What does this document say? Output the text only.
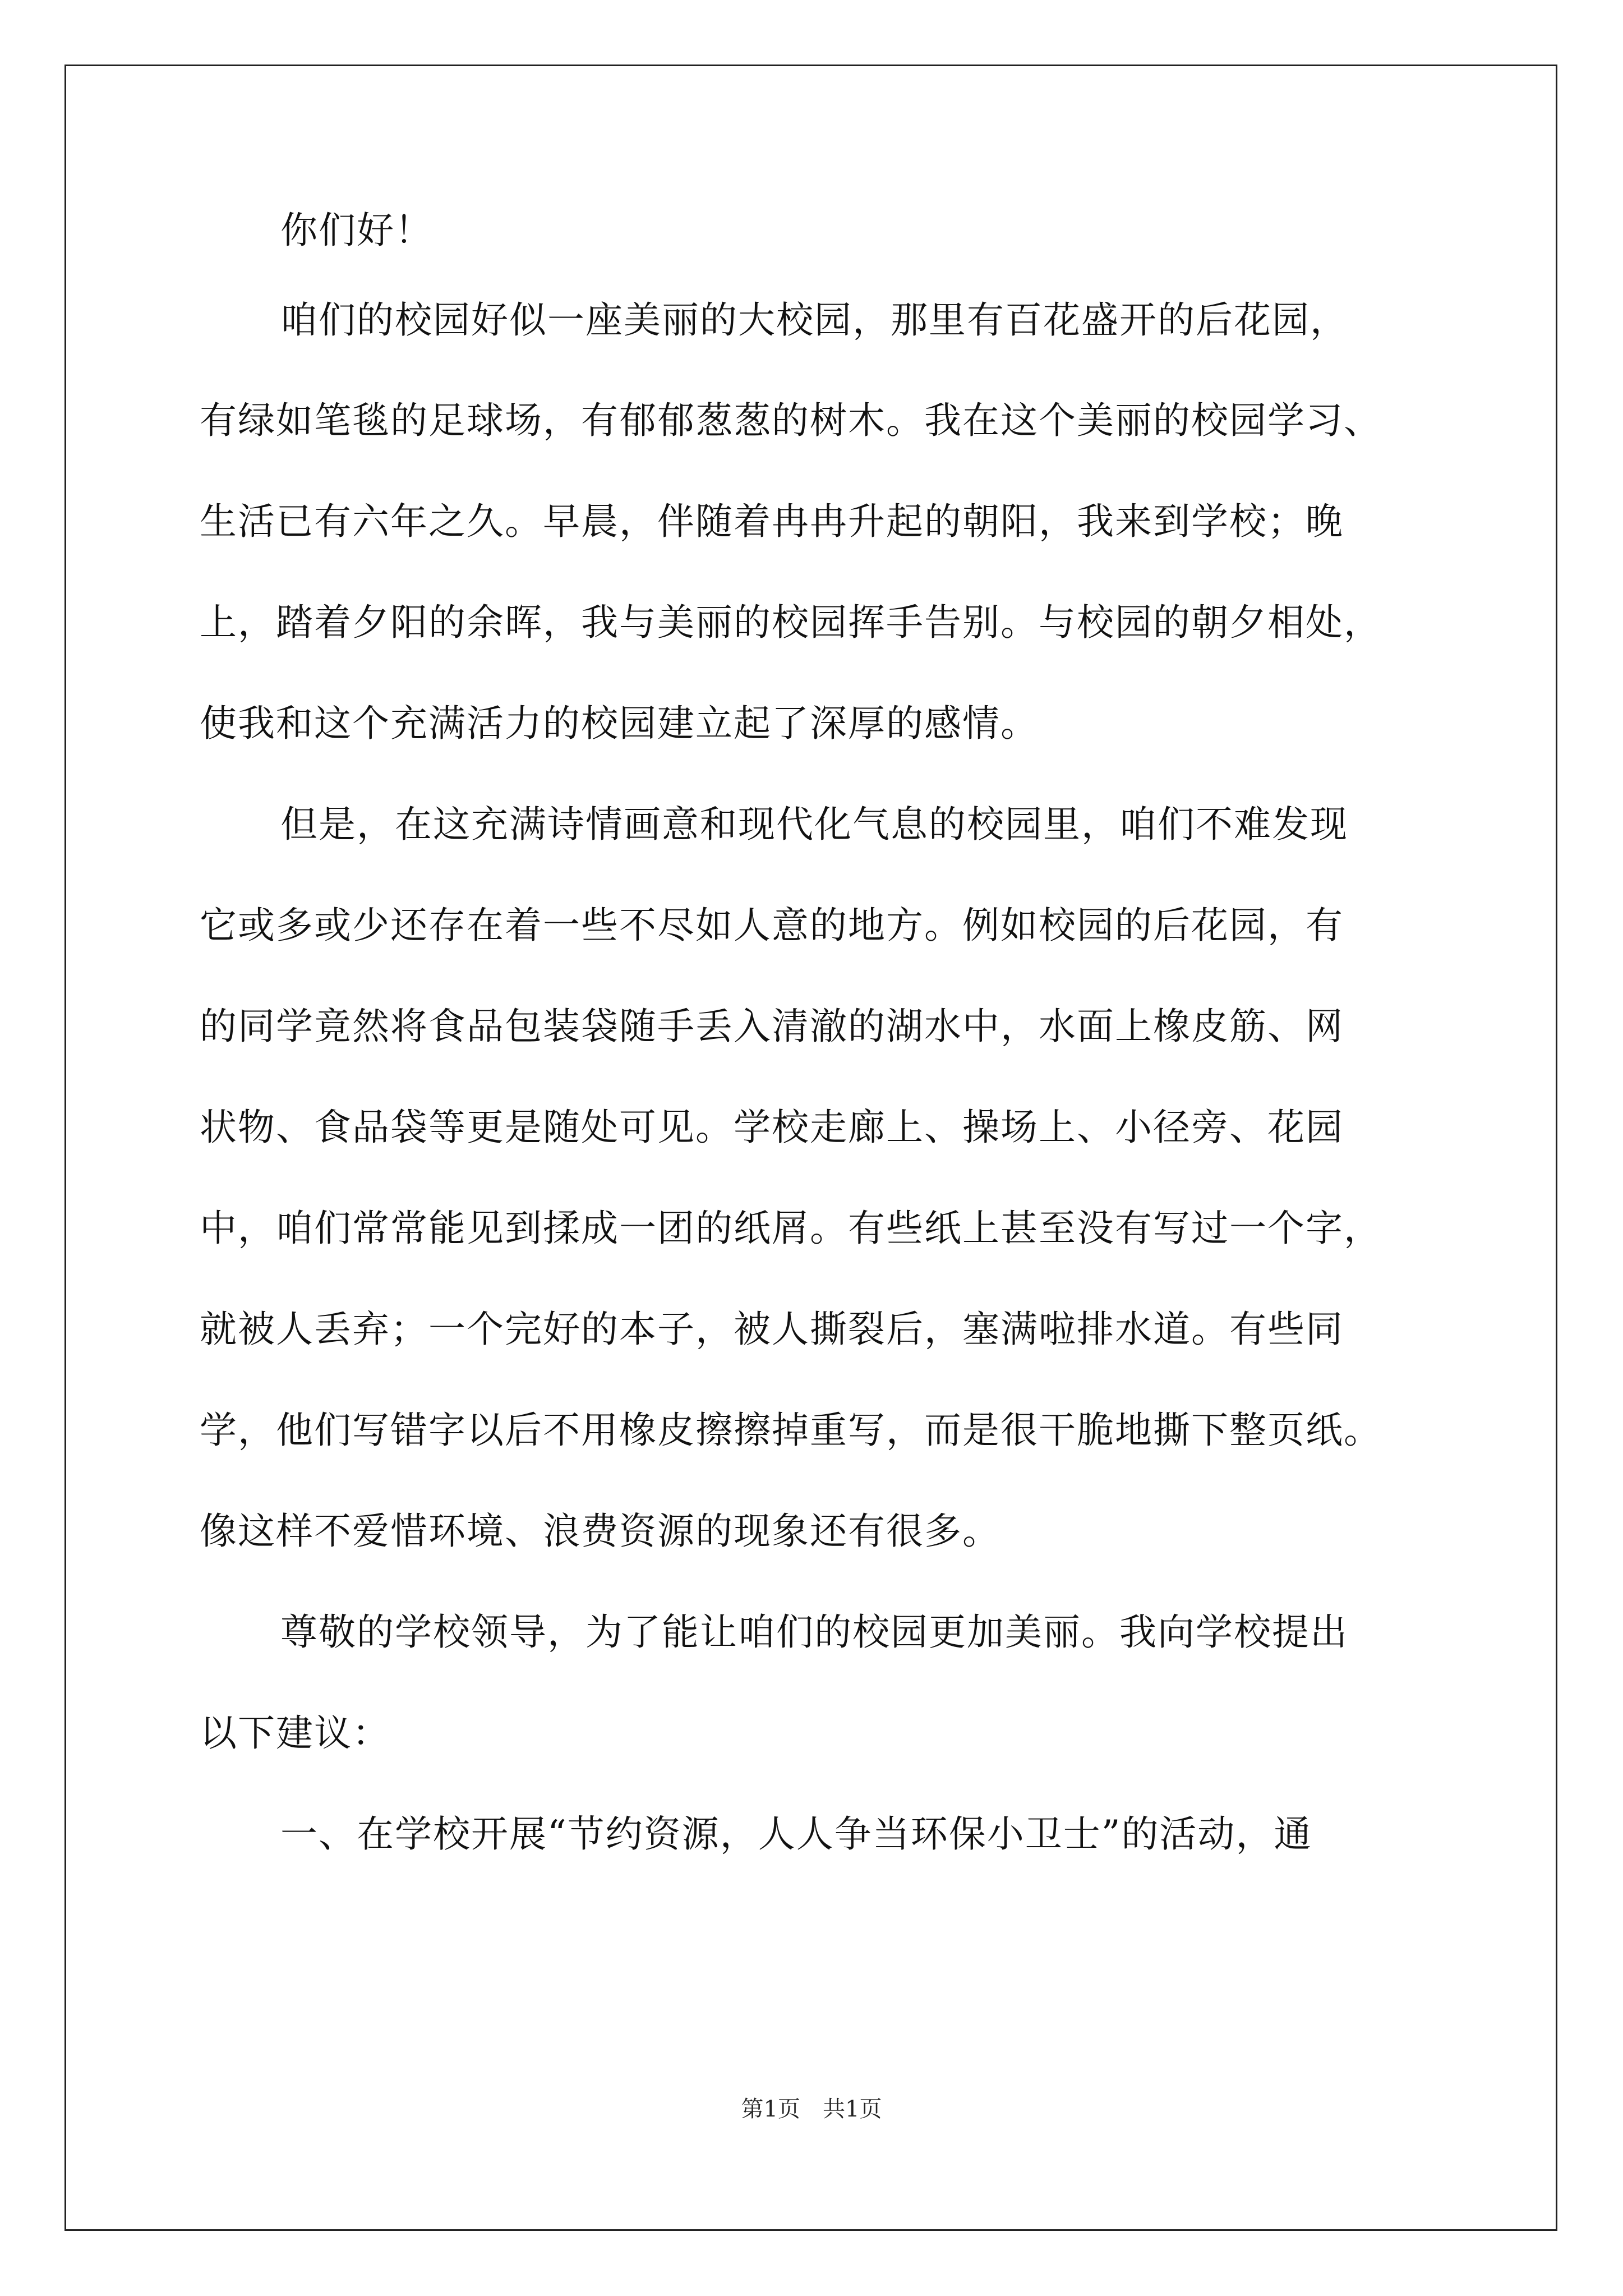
你们好！

咱们的校园好似一座美丽的大校园，那里有百花盛开的后花园，

有绿如笔毯的足球场，有郁郁葱葱的树木。我在这个美丽的校园学习、

生活已有六年之久。早晨，伴随着冉冉升起的朝阳，我来到学校；晚

上，踏着夕阳的余晖，我与美丽的校园挥手告别。与校园的朝夕相处，

使我和这个充满活力的校园建立起了深厚的感情。

但是，在这充满诗情画意和现代化气息的校园里，咱们不难发现

它或多或少还存在着一些不尽如人意的地方。例如校园的后花园，有

的同学竟然将食品包装袋随手丢入清澈的湖水中，水面上橡皮筋、网

状物、食品袋等更是随处可见。学校走廊上、操场上、小径旁、花园

中，咱们常常能见到揉成一团的纸屑。有些纸上甚至没有写过一个字，

就被人丢弃；一个完好的本子，被人撕裂后，塞满啦排水道。有些同

学，他们写错字以后不用橡皮擦擦掉重写，而是很干脆地撕下整页纸。

像这样不爱惜环境、浪费资源的现象还有很多。

尊敬的学校领导，为了能让咱们的校园更加美丽。我向学校提出

以下建议：

一、在学校开展“节约资源，人人争当环保小卫士”的活动，通

第1页　共1页
